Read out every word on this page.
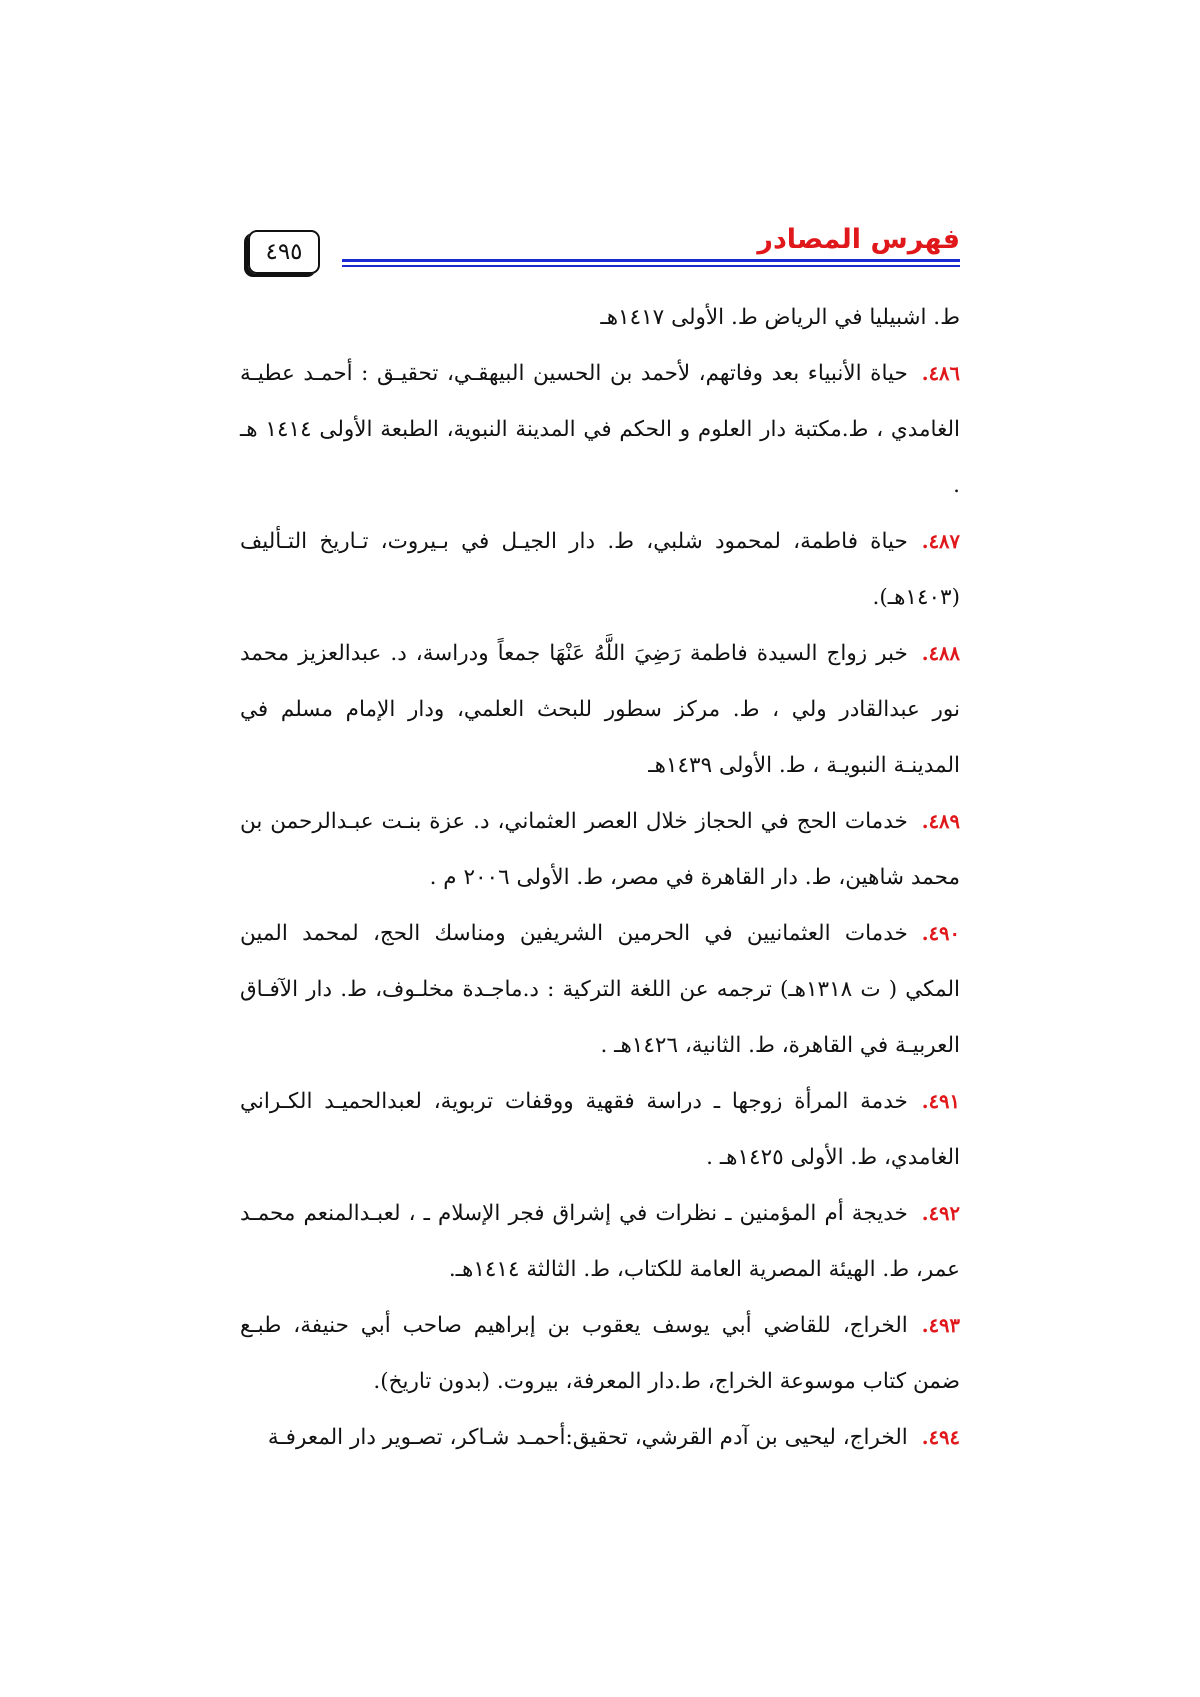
فهرس المصادر
٤٩٥

ط. اشبيليا في الرياض ط. الأولى ١٤١٧هـ

٤٨٦.حياة الأنبياء بعد وفاتهم، لأحمد بن الحسين البيهقـي، تحقيـق : أحمـد عطيـة الغامدي ، ط.مكتبة دار العلوم و الحكم في المدينة النبوية، الطبعة الأولى ١٤١٤ هـ .

٤٨٧.حياة فاطمة، لمحمود شلبي، ط. دار الجيـل في بـيروت، تـاريخ التـأليف (١٤٠٣هـ).

٤٨٨.خبر زواج السيدة فاطمة رَضِيَ اللَّهُ عَنْهَا جمعاً ودراسة، د. عبدالعزيز محمد نور عبدالقادر ولي ، ط. مركز سطور للبحث العلمي، ودار الإمام مسلم في المدينـة النبويـة ، ط. الأولى ١٤٣٩هـ

٤٨٩.خدمات الحج في الحجاز خلال العصر العثماني، د. عزة بنـت عبـدالرحمن بن محمد شاهين، ط. دار القاهرة في مصر، ط. الأولى ٢٠٠٦ م .

٤٩٠.خدمات العثمانيين في الحرمين الشريفين ومناسك الحج، لمحمد المين المكي ( ت ١٣١٨هـ) ترجمه عن اللغة التركية : د.ماجـدة مخلـوف، ط. دار الآفـاق العربيـة في القاهرة، ط. الثانية، ١٤٢٦هـ .

٤٩١.خدمة المرأة زوجها ـ دراسة فقهية ووقفات تربوية، لعبدالحميـد الكـراني الغامدي، ط. الأولى ١٤٢٥هـ .

٤٩٢.خديجة أم المؤمنين ـ نظرات في إشراق فجر الإسلام ـ ، لعبـدالمنعم محمـد عمر، ط. الهيئة المصرية العامة للكتاب، ط. الثالثة ١٤١٤هـ.

٤٩٣.الخراج، للقاضي أبي يوسف يعقوب بن إبراهيم صاحب أبي حنيفة، طبـع ضمن كتاب موسوعة الخراج، ط.دار المعرفة، بيروت. (بدون تاريخ).

٤٩٤.الخراج، ليحيى بن آدم القرشي، تحقيق:أحمـد شـاكر، تصـوير دار المعرفـة
